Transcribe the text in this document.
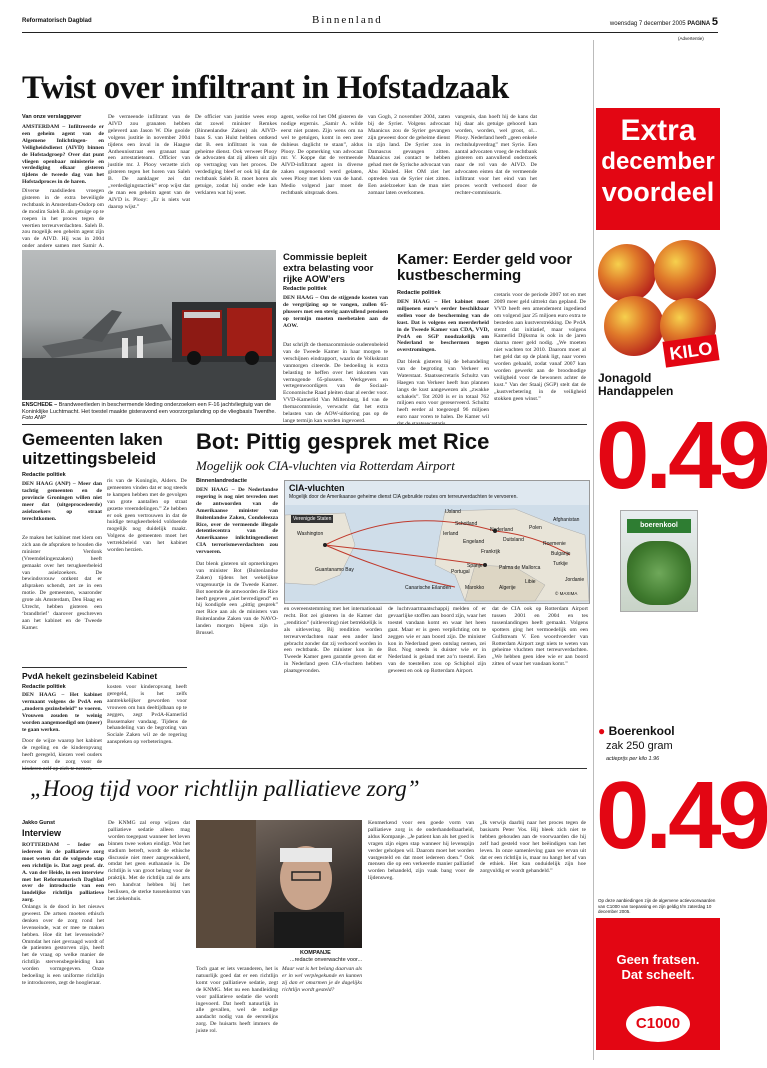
Reformatorisch Dagblad	Binnenland	woensdag 7 december 2005 PAGINA 5
(Advertentie)
Twist over infiltrant in Hofstadzaak
Van onze verslaggever
AMSTERDAM – Infiltreerde er een geheim agent van de Algemene Inlichtingen- en Veiligheidsdienst (AIVD) binnen de Hofstadgroep? Over dat punt vliegen openbaar ministerie en verdediging elkaar gisteren tijdens de tweede dag van het Hofstadproces in de haren.
Diverse raadslieden vroegen gisteren in de extra beveiligde rechtbank in Amsterdam-Osdorp om de moslim Saleh B. als getuige op te roepen in het proces tegen de veertien terreurverdachten. Saleh B. zou mogelijk een geheim agent zijn van de AIVD. Hij was in 2004 onder andere samen met Samir A.
De vermeende infiltrant van de AIVD zou granaten hebben geleverd aan Jason W. Die gooide volgens justitie in november 2004 tijdens een inval in de Haagse Antheunisstraat een granaat naar een arrestatieteam. Officier van justitie mr. J. Plooy verzette zich gisteren tegen het horen van Saleh B. De aanklager zei dat „verdedigingstactiek” erop wijst dat de man een geheim agent van de AIVD is. Plooy: „Er is niets wat daarop wijst.”
De officier van justitie wees erop dat zowel minister Remkes (Binnenlandse Zaken) als AIVD-baas S. van Hulst hebben ontkend dat B. een infiltrant is van de geheime dienst. Ook verweet Plooy de advocaten dat zij alleen uit zijn op vertraging van het proces. De verdediging bleef er ook bij dat de rechtbank Saleh B. moet horen als getuige, zodat hij onder ede kan verklaren wat hij weet.
agent, welke rol het OM gisteren de nodige ergernis. „Samir A. wilde eerst niet praten. Zijn wens om na wel te getuigen, komt in een zeer dubieus daglicht te staan”, aldus Plooy. De opmerking van advocaat mr. V. Koppe dat de vermeende AIVD-infiltrant agent in diverse zaken ongenoemd werd gelaten, wees Plooy met klem van de hand. Medio volgend jaar moet de rechtbank uitspraak doen.
van Gogh, 2 november 2004, zaten bij de Syrier. Volgens advocaat Maanicus zou de Syrier gevangen zijn geweest door de geheime dienst in zijn land. De Syrier zou in Damascus gevangen zitten. Maanicus zei contact te hebben gehad met de Syrische advocaat van Abu Khaled. Het OM ziet het optreden van de Syrier niet zitten. Een asielzoeker kan de man niet zomaar laten overkomen.
vangenis, dan hoeft hij de kans dat hij daar als getuige gehoord kan worden, worden, wel groot, ol... Plooy. Nederland heeft „geen enkele rechtshulpverdrag” met Syrie. Een aantal advocaten vroeg de rechtbank gisteren om aanvullend onderzoek naar de rol van de AIVD. De advocaten eisten dat de vermeende infiltrant voor het eind van het proces wordt verhoord door de rechter-commissaris.
ENSCHEDE – Brandweerlieden in beschermende kleding onderzoeken een F-16 jachtvliegtuig van de Koninklijke Luchtmacht. Het toestel maakte gisteravond een voorzorgslanding op de vliegbasis Twenthe. Foto ANP
Commissie bepleit extra belasting voor rijke AOW’ers
Redactie politiek
DEN HAAG – Om de stijgende kosten van de vergrijzing op te vangen, zullen 65-plussers met een stevig aanvullend pensioen op termijn moeten meebetalen aan de AOW.
Dat schrijft de themacommissie ouderenbeleid van de Tweede Kamer in haar morgen te verschijnen eindrapport, waarin de Volkskrant vanmorgen citeerde. De bedoeling is extra belasting te heffen over het inkomen van vermogende 65-plussers. Werkgevers en vertegenwoordigers van de Sociaal-Economische Raad pleiten daar al eerder voor. VVD-Kamerlid Van Miltenburg, lid van de themacommissie, verwacht dat het extra belasten van de AOW-uitkering pas op de lange termijn kan worden ingevoerd.
Kamer: Eerder geld voor kustbescherming
Redactie politiek
DEN HAAG – Het kabinet moet miljoenen euro’s eerder beschikbaar stellen voor de bescherming van de kust. Dat is volgens een meerderheid in de Tweede Kamer van CDA, VVD, PvdA en SGP noodzakelijk om Nederland te beschermen tegen overstromingen.
Dat blenk gisteren bij de behandeling van de begroting van Verkeer en Waterstaat. Staatssecretaris Schultz van Haegen van Verkeer heeft hun plannen langs de kust aangewezen als „zwakke schakels”. Tot 2020 is er in totaal 762 miljoen euro voor gereserveerd. Schultz heeft eerder al toegezegd 96 miljoen euro naar voren te halen. De Kamer wil dat de staatssecretaris
cretaris voor de periode 2007 tot en met 2009 meer geld uittrekt dan gepland. De VVD heeft een amendement ingediend om volgend jaar 25 miljoen euro extra te besteden aan kustverstrekking. De PvdA stemt dat initiatief, maar volgens Kamerlid Dijksma is ook in de jaren daarna meer geld nodig. „We moeten niet wachten tot 2010. Daarom moet al het geld dat op de plank ligt, naar voren worden gehaald, zodat vanaf 2007 kan worden gewerkt aan de broodnodige veiligheid voor de bewoners achter de kust.” Van der Staaij (SGP) stelt dat de „kustverbetering in de veiligheid stokken geen winst.”
Gemeenten laken uitzettingsbeleid
Redactie politiek
DEN HAAG (ANP) – Meer dan tachtig gemeenten en de provincie Groningen willen niet meer dat (uitgeprocedeerde) asielzoekers op straat terechtkomen.
Ze maken het kabinet met klem om zich aan de afspraken te houden die minister Verdonk (Vreemdelingenzaken) heeft gemaakt over het terugkeerbeleid van asielzoekers. De bewindsvrouw ontkent dat er afspraken schendt, zet ze in een motie. De gemeenten, waaronder grote als Amsterdam, Den Haag en Utrecht, hebben gisteren een ‘brandbrief’ daarover geschreven aan het kabinet en de Tweede Kamer.
ris van de Koningin, Alders. De gemeenten vinden dat er nog steeds te kampen hebben met de gevolgen van grote aantallen op straat gezette vreemdelingen.” Ze hebben er ook geen vertrouwen in dat de huidige terugkeerbeleid voldoende mogelijk nog duidelijk maakt. Volgens de gemeenten moet het vertrekbeleid van het kabinet worden herzien.
PvdA hekelt gezinsbeleid Kabinet
Redactie politiek
DEN HAAG – Het kabinet vermaant volgens de PvdA een „modern gezinsbeleid” te voeren. Vrouwen zouden te weinig worden aangemoedigd om (meer) te gaan werken.
Door de wijze waarop het kabinet de regeling en de kinderopvang heeft geregeld, kiezen veel ouders ervoor om de zorg voor de kinderen zelf op zich te nemen.
kosten voor kinderopvang heeft geregeld, is het zelfs aantrekkelijker geworden voor vrouwen om hun deeltijdbaan op te zeggen, zegt PvdA-Kamerlid Bussemaker vandaag. Tijdens de behandeling van de begroting van Sociale Zaken wil ze de regering aanspreken op verbeteringen.
Bot: Pittig gesprek met Rice
Mogelijk ook CIA-vluchten via Rotterdam Airport
Binnenlandredactie
DEN HAAG – De Nederlandse regering is nog niet tevreden met de antwoorden van de Amerikaanse minister van Buitenlandse Zaken, Condoleezza Rice, over de vermeende illegale detentiecentra van de Amerikaanse inlichtingendienst CIA terrorismeverdachten zou vervoeren.
Dat blenk gisteren uit opmerkingen van minister Bot (Buitenlandse Zaken) tijdens het wekelijkse vragenuurtje in de Tweede Kamer. Bot noemde de antwoorden die Rice heeft gegeven „niet bevredigend” en hij kondigde een „pittig gesprek” met Rice aan als de ministers van Buitenlandse Zaken van de NAVO-landen morgen bijeen zijn in Brussel.
CIA-vluchten
Mogelijk door de Amerikaanse geheime dienst CIA gebruikte routes om terreurverdachten te vervoeren.
Verenigde Staten
Washington
Guantanamo Bay
IJsland
Schotland
Ierland
Engeland
Nederland
Duitsland
Frankrijk
Spanje
Portugal
Palma de Mallorca
Polen
Roemenie
Turkije
Bulgarije
Libie
Marokko	Algerije
Jordanie
Afghanistan
Canarische Eilanden
© MAXIMA
en overeenstemming met het internationaal recht. Bot zei gisteren in de Kamer dat „rendition” (uitlevering) niet betrekkelijk is als uitlevering. Bij rendition worden terreurverdachten naar een ander land gebracht zonder dat zij verhoord worden in een rechtbank. De minister kon in de Tweede Kamer geen garantie geven dat er in Nederland geen CIA-vluchten hebben plaatsgevonden.
de luchtvaartmaatschappij melden of er gevaarlijke stoffen aan boord zijn, waar het toestel vandaan komt en waar het heen gaat. Maar er is geen verplichting om te zeggen wie er aan boord zijn. De minister kon in Nederland geen ontslag nemen, zei Bot. Nog steeds is duister wie er in Nederland is geland met zo’n toestel. Een van de toestellen zou op Schiphol zijn geweest en ook op Rotterdam Airport.
dat de CIA ook op Rotterdam Airport tussen 2001 en 2004 en tes tussenlandingen heeft gemaakt. Volgens spotters ging het vermoedelijk om een Gulfstream V. Een woordvoerder van Rotterdam Airport zegt niets te weten van geheime vluchten met terreurverdachten. „We hebben geen idee wie er aan boord zitten of waar het vandaan komt.”
„Hoog tijd voor richtlijn palliatieve zorg”
Jakko Gunst
Interview
ROTTERDAM – Ieder en iedereen in de palliatieve zorg moet weten dat de volgende stap een richtlijn is. Dat zegt prof. dr. A. van der Heide, in een interview met het Reformatorisch Dagblad over de introductie van een landelijke richtlijn palliatieve zorg.
Onlangs is de dood in het nieuws geweest. De artsen moeten ethisch denken over de zorg rond het levenseinde, wat er mee te maken hebben. Hoe dit het levenseinde? Ommdat het niet gevraagd wordt of de patienten gestorven zijn, heeft het de vraag op welke manier de richtlijn stervensbegeleiding kan worden vormgegeven. Onze bedoeling is een uniforme richtlijn te introduceren, zegt de hoogleraar.
De KNMG zal erop wijzen dat palliatieve sedatie alleen mag worden toegepast wanneer het leven binnen twee weken eindigt. Wat het stadium betreft, wordt de ethische discussie niet meer aangewakkerd, omdat het geen euthanasie is. De richtlijn is van groot belang voor de praktijk. Met de richtlijn zal de arts een handvat hebben bij het beslissen, de sterke tussenkomst van het ziekenhuis.
KOMPANJE
...redacte onverwachte voor...
Toch gaat er iets veranderen, het is natuurlijk goed dat er een richtlijn komt voor palliatieve sedatie, zegt de KNMG. Met nu een handleiding voor palliatieve sedatie die wordt ingevoerd. Dat heeft natuurlijk in alle gevallen, wel de nodige aandacht nodig van de eerstelijns zorg. De huisarts heeft immers de juiste rol.
Maar wat is het belang daarvan als er in wel verplegekunde en kunnen zij dan er omarmen je de dagelijks richtlijn wordt gesteld?
Kenmerkend voor een goede vorm van palliatieve zorg is de onderhandelbaarheid, aldus Kompanje. „Je patient kan als het goed is vragen zijn eigen stap wanneer hij levenspijn verder geholpen wil. Daarom moet het worden vastgesteld en dat moet iedereen doen.” Ook mensen die op een verkeerde manier palliatief worden behandeld, zijn vaak bang voor de lijdensweg.
„Ik verwijs daarbij naar het proces tegen de basisarts Peter Vos. Hij bleek zich niet te hebben gehouden aan de voorwaarden die hij zelf had gesteld voor het beëindigen van het leven. In onze samenleving gaan we ervan uit dat er een richtlijn is, maar nu hangt het af van de ethiek. Het kan onduidelijk zijn hoe zorgvuldig er wordt gehandeld.”
Extra
december
voordeel
KILO
Jonagold
Handappelen
0.49
boerenkool
● Boerenkool
zak 250 gram
actieprijs per kilo 1.96
0.49
Op deze aanbiedingen zijn de algemene actievoorwaarden van C1000 van toepassing en zijn geldig t/m zaterdag 10 december 2005.
Geen fratsen.
Dat scheelt.
C1000
